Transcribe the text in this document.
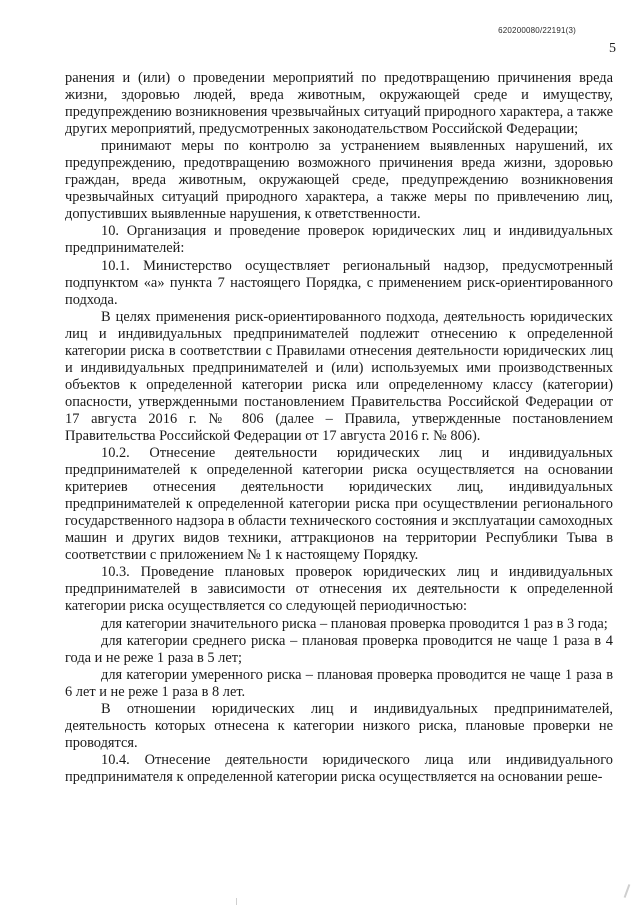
620200080/22191(3)
5

ранения и (или) о проведении мероприятий по предотвращению причинения вреда жизни, здоровью людей, вреда животным, окружающей среде и имуществу, предупреждению возникновения чрезвычайных ситуаций природного характера, а также других мероприятий, предусмотренных законодательством Российской Федерации;

принимают меры по контролю за устранением выявленных нарушений, их предупреждению, предотвращению возможного причинения вреда жизни, здоровью граждан, вреда животным, окружающей среде, предупреждению возникновения чрезвычайных ситуаций природного характера, а также меры по привлечению лиц, допустивших выявленные нарушения, к ответственности.

10. Организация и проведение проверок юридических лиц и индивидуальных предпринимателей:

10.1. Министерство осуществляет региональный надзор, предусмотренный подпунктом «а» пункта 7 настоящего Порядка, с применением риск-ориентированного подхода.

В целях применения риск-ориентированного подхода, деятельность юридических лиц и индивидуальных предпринимателей подлежит отнесению к определенной категории риска в соответствии с Правилами отнесения деятельности юридических лиц и индивидуальных предпринимателей и (или) используемых ими производственных объектов к определенной категории риска или определенному классу (категории) опасности, утвержденными постановлением Правительства Российской Федерации от 17 августа 2016 г. № 806 (далее – Правила, утвержденные постановлением Правительства Российской Федерации от 17 августа 2016 г. № 806).

10.2. Отнесение деятельности юридических лиц и индивидуальных предпринимателей к определенной категории риска осуществляется на основании критериев отнесения деятельности юридических лиц, индивидуальных предпринимателей к определенной категории риска при осуществлении регионального государственного надзора в области технического состояния и эксплуатации самоходных машин и других видов техники, аттракционов на территории Республики Тыва в соответствии с приложением № 1 к настоящему Порядку.

10.3. Проведение плановых проверок юридических лиц и индивидуальных предпринимателей в зависимости от отнесения их деятельности к определенной категории риска осуществляется со следующей периодичностью:

для категории значительного риска – плановая проверка проводится 1 раз в 3 года;

для категории среднего риска – плановая проверка проводится не чаще 1 раза в 4 года и не реже 1 раза в 5 лет;

для категории умеренного риска – плановая проверка проводится не чаще 1 раза в 6 лет и не реже 1 раза в 8 лет.

В отношении юридических лиц и индивидуальных предпринимателей, деятельность которых отнесена к категории низкого риска, плановые проверки не проводятся.

10.4. Отнесение деятельности юридического лица или индивидуального предпринимателя к определенной категории риска осуществляется на основании реше-
